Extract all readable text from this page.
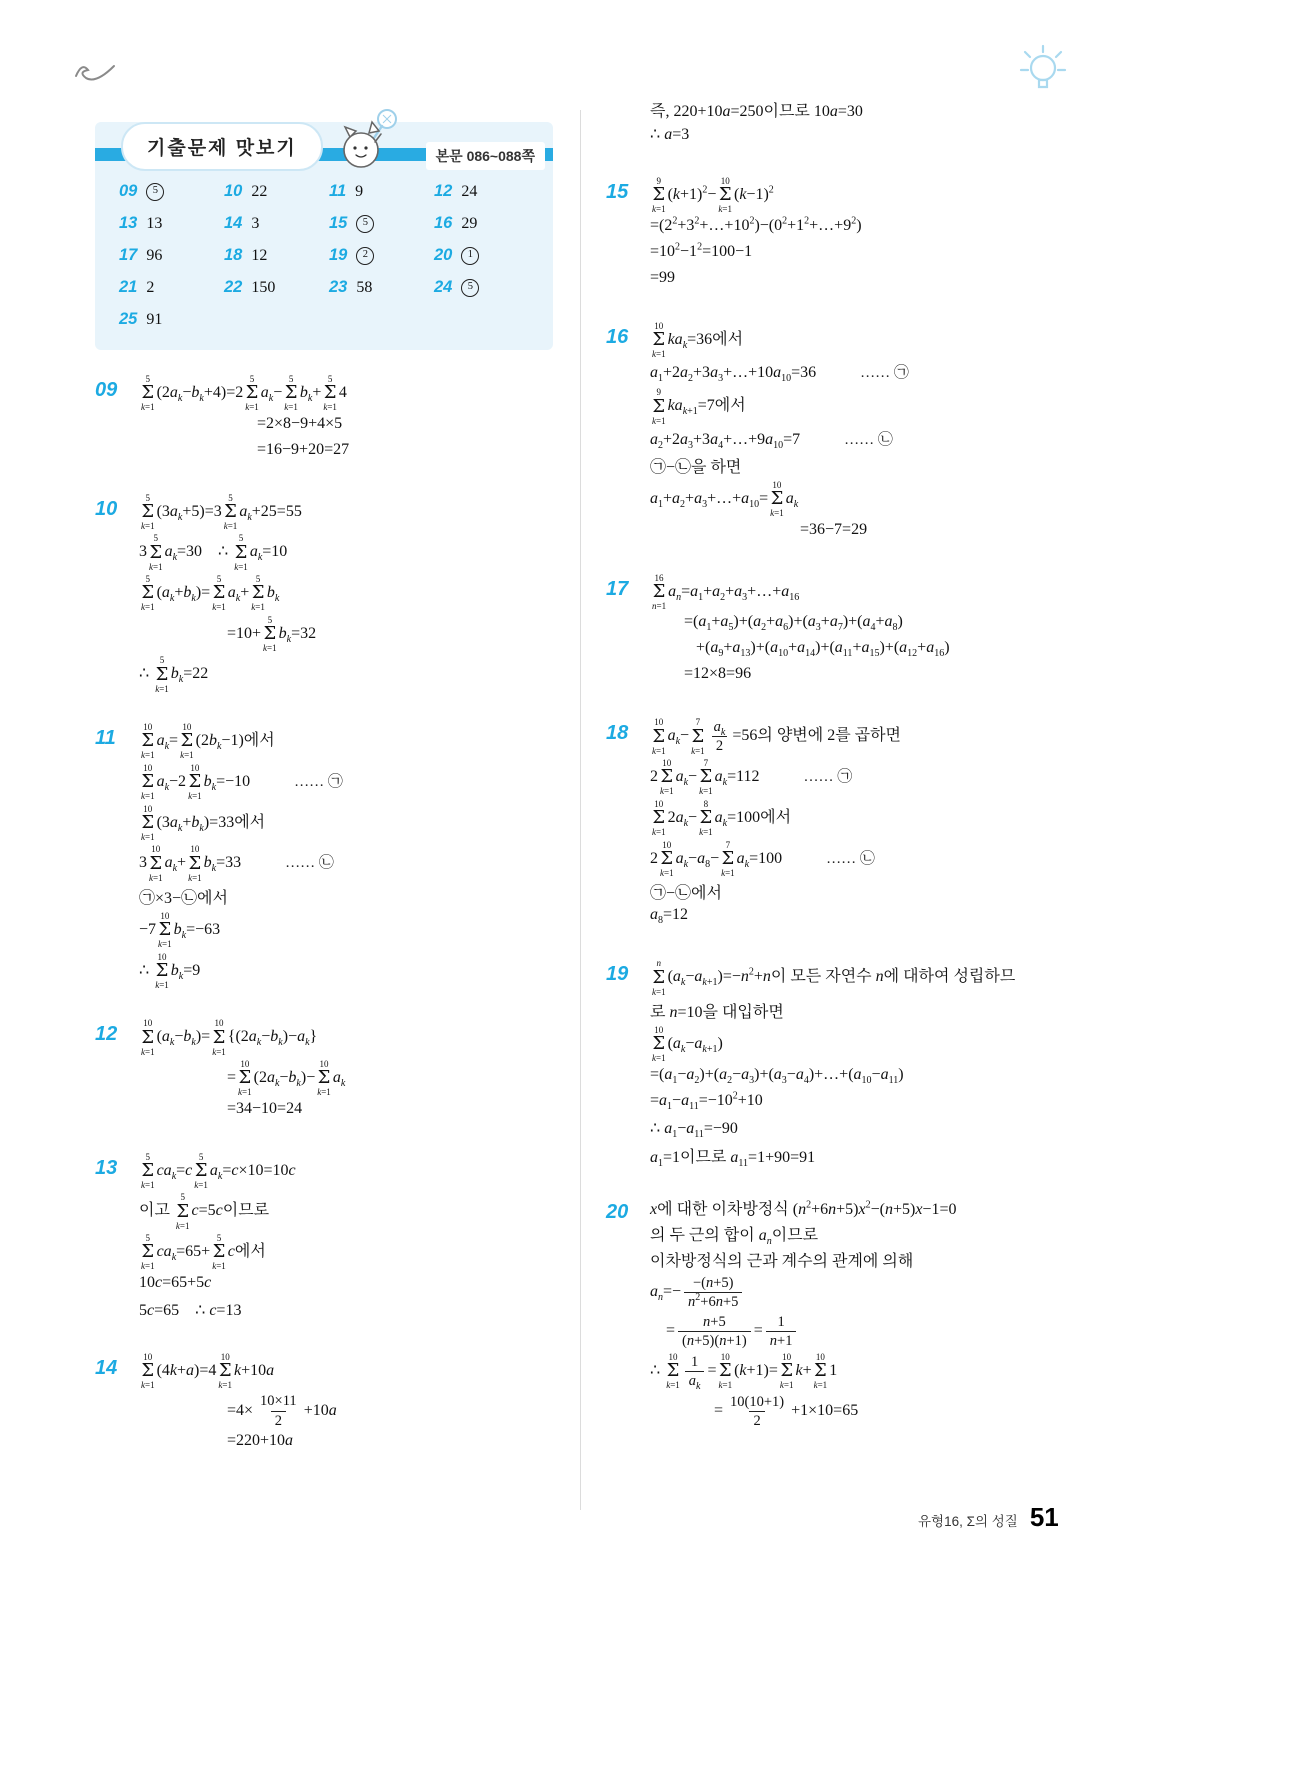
기출문제 맛보기	본문 086~088쪽
09	5	10 22	11 9	12 24
13 13	14 3	15	5	16 29
17 96	18 12	19	2	20	1
21 2	22 150	23 58	24	5
25 91
09	5
Σ
k=1
$(2a_k-b_k+4)=2$
5
Σ
k=1
$a_k-$
5
Σ
k=1
$b_k+$
5
Σ
k=1
4
=2×8−9+4×5
=16−9+20=27
10	5
Σ
k=1
$(3a_k+5)=3$
5
Σ
k=1
$a_k+25=55$
3
5
Σ
k=1
$a_k=30$ ∴
5
Σ
k=1
$a_k=10$
5
Σ
k=1
$(a_k+b_k)=$
5
Σ
k=1
$a_k+$
5
Σ
k=1
$b_k$
=10+
5
Σ
k=1
$b_k=32$
∴
5
Σ
k=1
$b_k=22$
11	10
Σ
k=1
$a_k=$
10
Σ
k=1
$(2b_k-1)$에서
10
Σ
k=1
$a_k-2$
10
Σ
k=1
$b_k=-10$	…… ㉠
10
Σ
k=1
$(3a_k+b_k)=33$에서
3
10
Σ
k=1
$a_k+$
10
Σ
k=1
$b_k=33$	…… ㉡
㉠×3−㉡에서
−7
10
Σ
k=1
$b_k=-63$
∴
10
Σ
k=1
$b_k=9$
12	10
Σ
k=1
$(a_k-b_k)=$
10
Σ
k=1
$\{(2a_k-b_k)-a_k\}$
=
10
Σ
k=1
$(2a_k-b_k)-$
10
Σ
k=1
$a_k$
=34−10=24
13	5
Σ
k=1
$ca_k=c$
5
Σ
k=1
$a_k=c\times 10=10c$
이고
5
Σ
k=1
c=5c이므로
5
Σ
k=1
$ca_k=65+$
5
Σ
k=1
c에서
10c=65+5c
5c=65 ∴ c=13
14	10
Σ
k=1
(4k+a)=4
10
Σ
k=1
k+10a
$=4\times \frac{10\times 11}{2} +10a$
=220+10a
즉, 220+10a=250이므로 10a=30
∴ a=3
15	9
Σ
k=1
$(k+1)^2-$
10
Σ
k=1
$(k-1)^2$
$=(2^2+3^2+\dots+10^2)-(0^2+1^2+\dots+9^2)$
$=10^2-1^2=100-1$
=99
16	10
Σ
k=1
$ka_k=36$에서
$a_1+2a_2+3a_3+\dots+10a_{10}=36$	…… ㉠
9
Σ
k=1
$ka_{k+1}=7$에서
$a_2+2a_3+3a_4+\dots+9a_{10}=7$	…… ㉡
㉠−㉡을 하면
$a_1+a_2+a_3+\dots+a_{10}=$
10
Σ
k=1
$a_k$
=36−7=29
17	16
Σ
n=1
$a_n=a_1+a_2+a_3+\dots+a_{16}$
$=(a_1+a_5)+(a_2+a_6)+(a_3+a_7)+(a_4+a_8)$
$+(a_9+a_{13})+(a_{10}+a_{14})+(a_{11}+a_{15})+(a_{12}+a_{16})$
=12×8=96
18	10
Σ
k=1
$a_k-$
7
Σ
$k=1 \frac{a_k}{2} =56$의 양변에 2를 곱하면
2
10
Σ
k=1
$a_k-$
7
Σ
k=1
$a_k=112$	…… ㉠
10
Σ
k=1
$2a_k-$
8
Σ
k=1
$a_k=100$에서
2
10
Σ
k=1
$a_k-a_8-$
7
Σ
k=1
$a_k=100$	…… ㉡
㉠−㉡에서
$a_8=12$
19	n
Σ
k=1
$(a_k-a_{k+1})=-n^2+n$이 모든 자연수 n에 대하여 성립하므
로 n=10을 대입하면
10
Σ
k=1
$(a_k-a_{k+1})$
$=(a_1-a_2)+(a_2-a_3)+(a_3-a_4)+\dots+(a_{10}-a_{11})$
$=a_1-a_{11}=-10^2+10$
∴ $a_1-a_{11}=-90$
$a_1=1$이므로 $a_{11}=1+90=91$
20	x에 대한 이차방정식 $(n^2+6n+5)x^2-(n+5)x-1=0$
의 두 근의 합이 $a_n$이므로
이차방정식의 근과 계수의 관계에 의해
$a_n=- \frac{-(n+5)}{n^2+6n+5}$
= $\frac{n+5}{(n+5)(n+1)} = \frac{1}{n+1}$
∴
10
Σ
$k=1 \frac{1}{a_k}$ =
10
Σ
k=1
(k+1)=
10
Σ
k=1
k+
10
Σ
k=1
1
= $\frac{10(10+1)}{2} +1\times 10=65$
유형16, Σ의 성질 51
